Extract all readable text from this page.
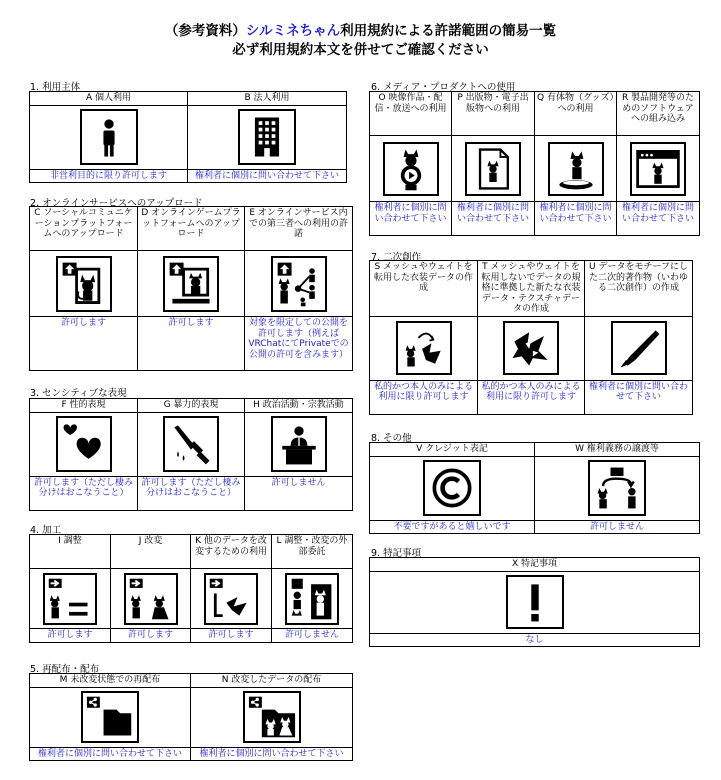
（参考資料）シルミネちゃん利用規約による許諾範囲の簡易一覧
必ず利用規約本文を併せてご確認ください
1. 利用主体
A 個人利用	B 法人利用

非営利目的に限り許可します	権利者に個別に問い合わせて下さい
2. オンラインサービスへのアップロード
C ソーシャルコミュニケーションプラットフォームへのアップロード	D オンラインゲームプラットフォームへのアップロード	E オンラインサービス内での第三者への利用の許諾

許可します	許可します	対象を限定しての公開を許可します（例えばVRChatにてPrivateでの公開の許可を含みます）
3. センシティブな表現
F 性的表現	G 暴力的表現	H 政治活動・宗教活動

許可します（ただし棲み分けはおこなうこと）	許可します（ただし棲み分けはおこなうこと）	許可しません
4. 加工
I 調整	J 改変	K 他のデータを改変するための利用	L 調整・改変の外部委託

許可します	許可します	許可します	許可しません
5. 再配布・配布
M 未改変状態での再配布	N 改変したデータの配布

権利者に個別に問い合わせて下さい	権利者に個別に問い合わせて下さい
6. メディア・プロダクトへの使用
O 映像作品・配信・放送への利用	P 出版物・電子出版物への利用	Q 有体物（グッズ）への利用	R 製品開発等のためのソフトウェアへの組み込み

権利者に個別に問い合わせて下さい	権利者に個別に問い合わせて下さい	権利者に個別に問い合わせて下さい	権利者に個別に問い合わせて下さい
7. 二次創作
S メッシュやウェイトを転用した衣装データの作成	T メッシュやウェイトを転用しないでデータの規格に準拠した新たな衣装データ・テクスチャデータの作成	U データをモチーフにした二次的著作物（いわゆる二次創作）の作成

私的かつ本人のみによる利用に限り許可します	私的かつ本人のみによる利用に限り許可します	権利者に個別に問い合わせて下さい
8. その他
V クレジット表記	W 権利義務の譲渡等

不要ですがあると嬉しいです	許可しません
9. 特記事項
X 特記事項

なし
